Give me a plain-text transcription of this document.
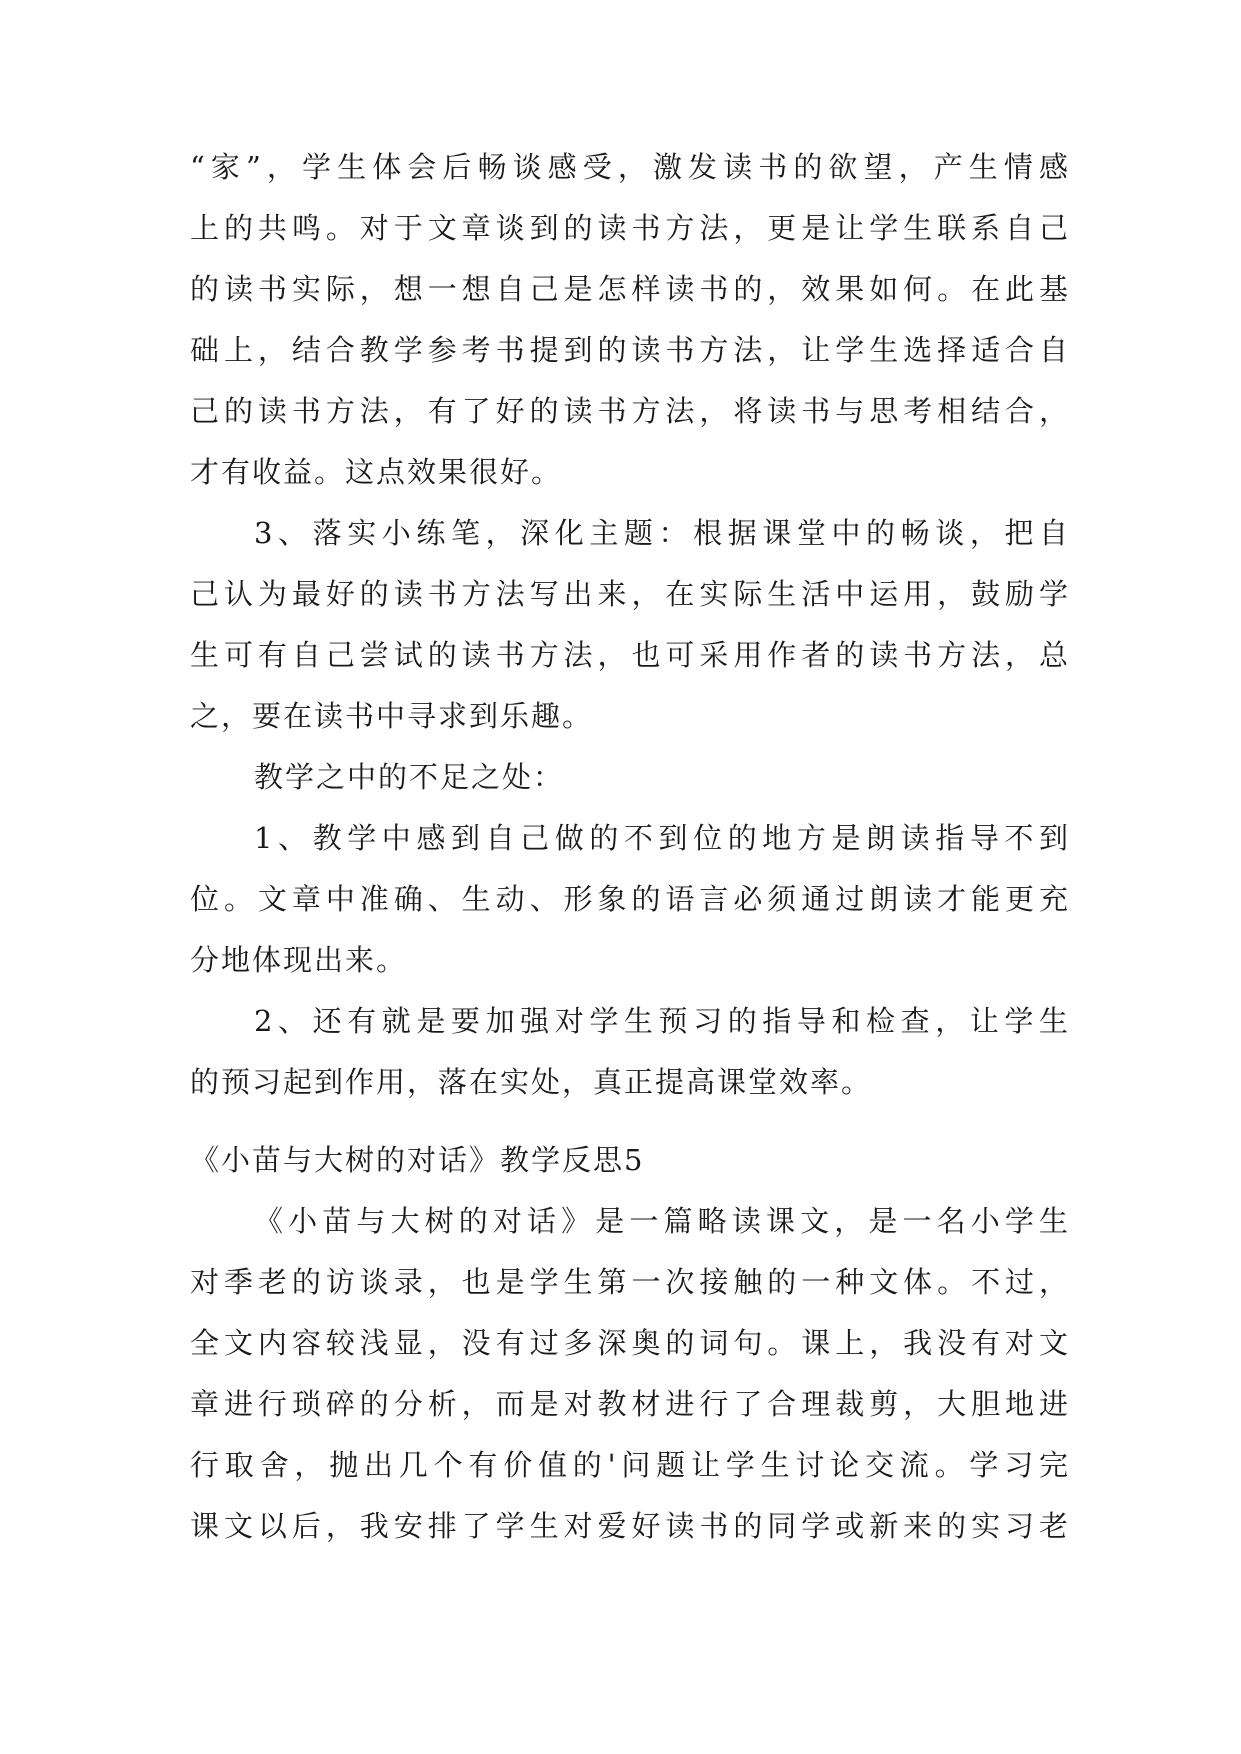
“家”，学生体会后畅谈感受，激发读书的欲望，产生情感
上的共鸣。对于文章谈到的读书方法，更是让学生联系自己
的读书实际，想一想自己是怎样读书的，效果如何。在此基
础上，结合教学参考书提到的读书方法，让学生选择适合自
己的读书方法，有了好的读书方法，将读书与思考相结合，
才有收益。这点效果很好。
3、落实小练笔，深化主题：根据课堂中的畅谈，把自
己认为最好的读书方法写出来，在实际生活中运用，鼓励学
生可有自己尝试的读书方法，也可采用作者的读书方法，总
之，要在读书中寻求到乐趣。
教学之中的不足之处：
1、教学中感到自己做的不到位的地方是朗读指导不到
位。文章中准确、生动、形象的语言必须通过朗读才能更充
分地体现出来。
2、还有就是要加强对学生预习的指导和检查，让学生
的预习起到作用，落在实处，真正提高课堂效率。
《小苗与大树的对话》教学反思5
《小苗与大树的对话》是一篇略读课文，是一名小学生
对季老的访谈录，也是学生第一次接触的一种文体。不过，
全文内容较浅显，没有过多深奥的词句。课上，我没有对文
章进行琐碎的分析，而是对教材进行了合理裁剪，大胆地进
行取舍，抛出几个有价值的'问题让学生讨论交流。学习完
课文以后，我安排了学生对爱好读书的同学或新来的实习老
